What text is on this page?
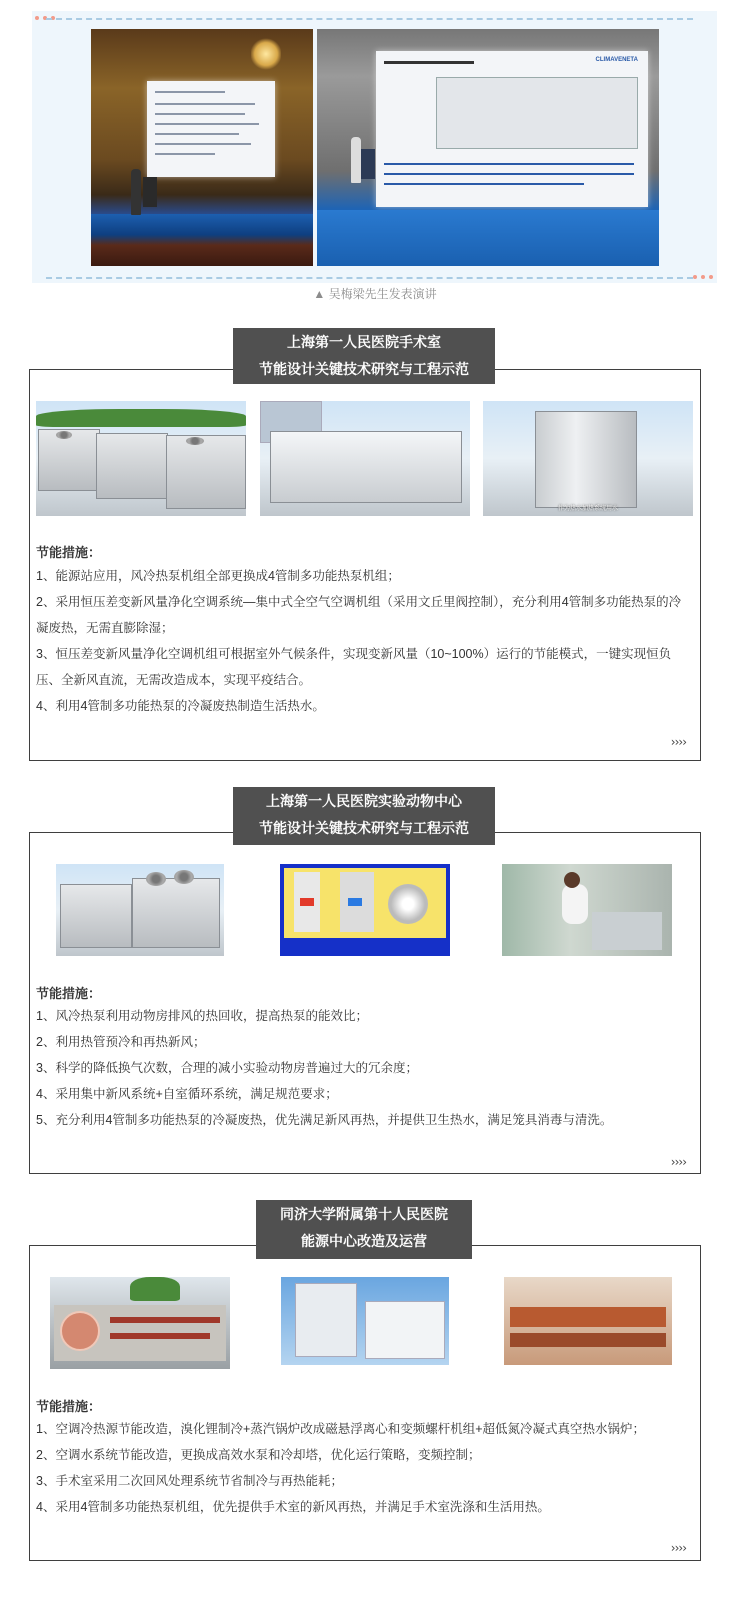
CLIMAVENETA
▲ 吴梅梁先生发表演讲
作为热水加热系统用水
节能措施：
1、能源站应用，风冷热泵机组全部更换成4管制多功能热泵机组；
2、采用恒压差变新风量净化空调系统—集中式全空气空调机组（采用文丘里阀控制），充分利用4管制多功能热泵的冷凝废热，无需直膨除湿；
3、恒压差变新风量净化空调机组可根据室外气候条件，实现变新风量（10~100%）运行的节能模式，一键实现恒负压、全新风直流，无需改造成本，实现平疫结合。
4、利用4管制多功能热泵的冷凝废热制造生活热水。
››››
上海第一人民医院手术室
节能设计关键技术研究与工程示范
节能措施：
1、风冷热泵利用动物房排风的热回收，提高热泵的能效比；
2、利用热管预冷和再热新风；
3、科学的降低换气次数，合理的减小实验动物房普遍过大的冗余度；
4、采用集中新风系统+自室循环系统，满足规范要求；
5、充分利用4管制多功能热泵的冷凝废热，优先满足新风再热，并提供卫生热水，满足笼具消毒与清洗。
››››
上海第一人民医院实验动物中心
节能设计关键技术研究与工程示范
节能措施：
1、空调冷热源节能改造，溴化锂制冷+蒸汽锅炉改成磁悬浮离心和变频螺杆机组+超低氮冷凝式真空热水锅炉；
2、空调水系统节能改造，更换成高效水泵和冷却塔，优化运行策略，变频控制；
3、手术室采用二次回风处理系统节省制冷与再热能耗；
4、采用4管制多功能热泵机组，优先提供手术室的新风再热，并满足手术室洗涤和生活用热。
››››
同济大学附属第十人民医院
能源中心改造及运营
